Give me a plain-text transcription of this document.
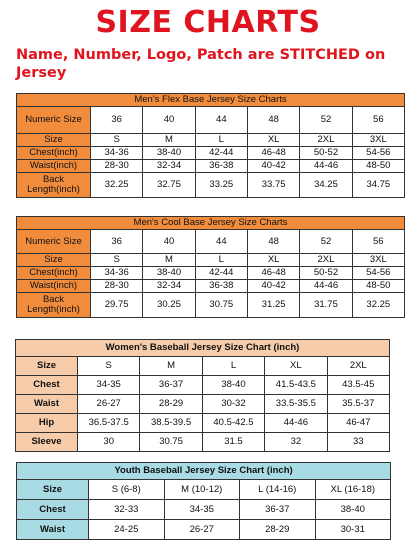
SIZE CHARTS
Name, Number, Logo, Patch are STITCHED on Jersey
Men's Flex Base Jersey Size Charts						
Numeric Size	36	40	44	48	52	56
Size	S	M	L	XL	2XL	3XL
Chest(inch)	34-36	38-40	42-44	46-48	50-52	54-56
Waist(inch)	28-30	32-34	36-38	40-42	44-46	48-50
Back Length(inch)	32.25	32.75	33.25	33.75	34.25	34.75
Men's Cool Base Jersey Size Charts						
Numeric Size	36	40	44	48	52	56
Size	S	M	L	XL	2XL	3XL
Chest(inch)	34-36	38-40	42-44	46-48	50-52	54-56
Waist(inch)	28-30	32-34	36-38	40-42	44-46	48-50
Back Length(inch)	29.75	30.25	30.75	31.25	31.75	32.25
Women's Baseball Jersey Size Chart (inch)					
Size	S	M	L	XL	2XL
Chest	34-35	36-37	38-40	41.5-43.5	43.5-45
Waist	26-27	28-29	30-32	33.5-35.5	35.5-37
Hip	36.5-37.5	38.5-39.5	40.5-42.5	44-46	46-47
Sleeve	30	30.75	31.5	32	33
Youth Baseball Jersey Size Chart (inch)				
Size	S (6-8)	M (10-12)	L (14-16)	XL (16-18)
Chest	32-33	34-35	36-37	38-40
Waist	24-25	26-27	28-29	30-31
